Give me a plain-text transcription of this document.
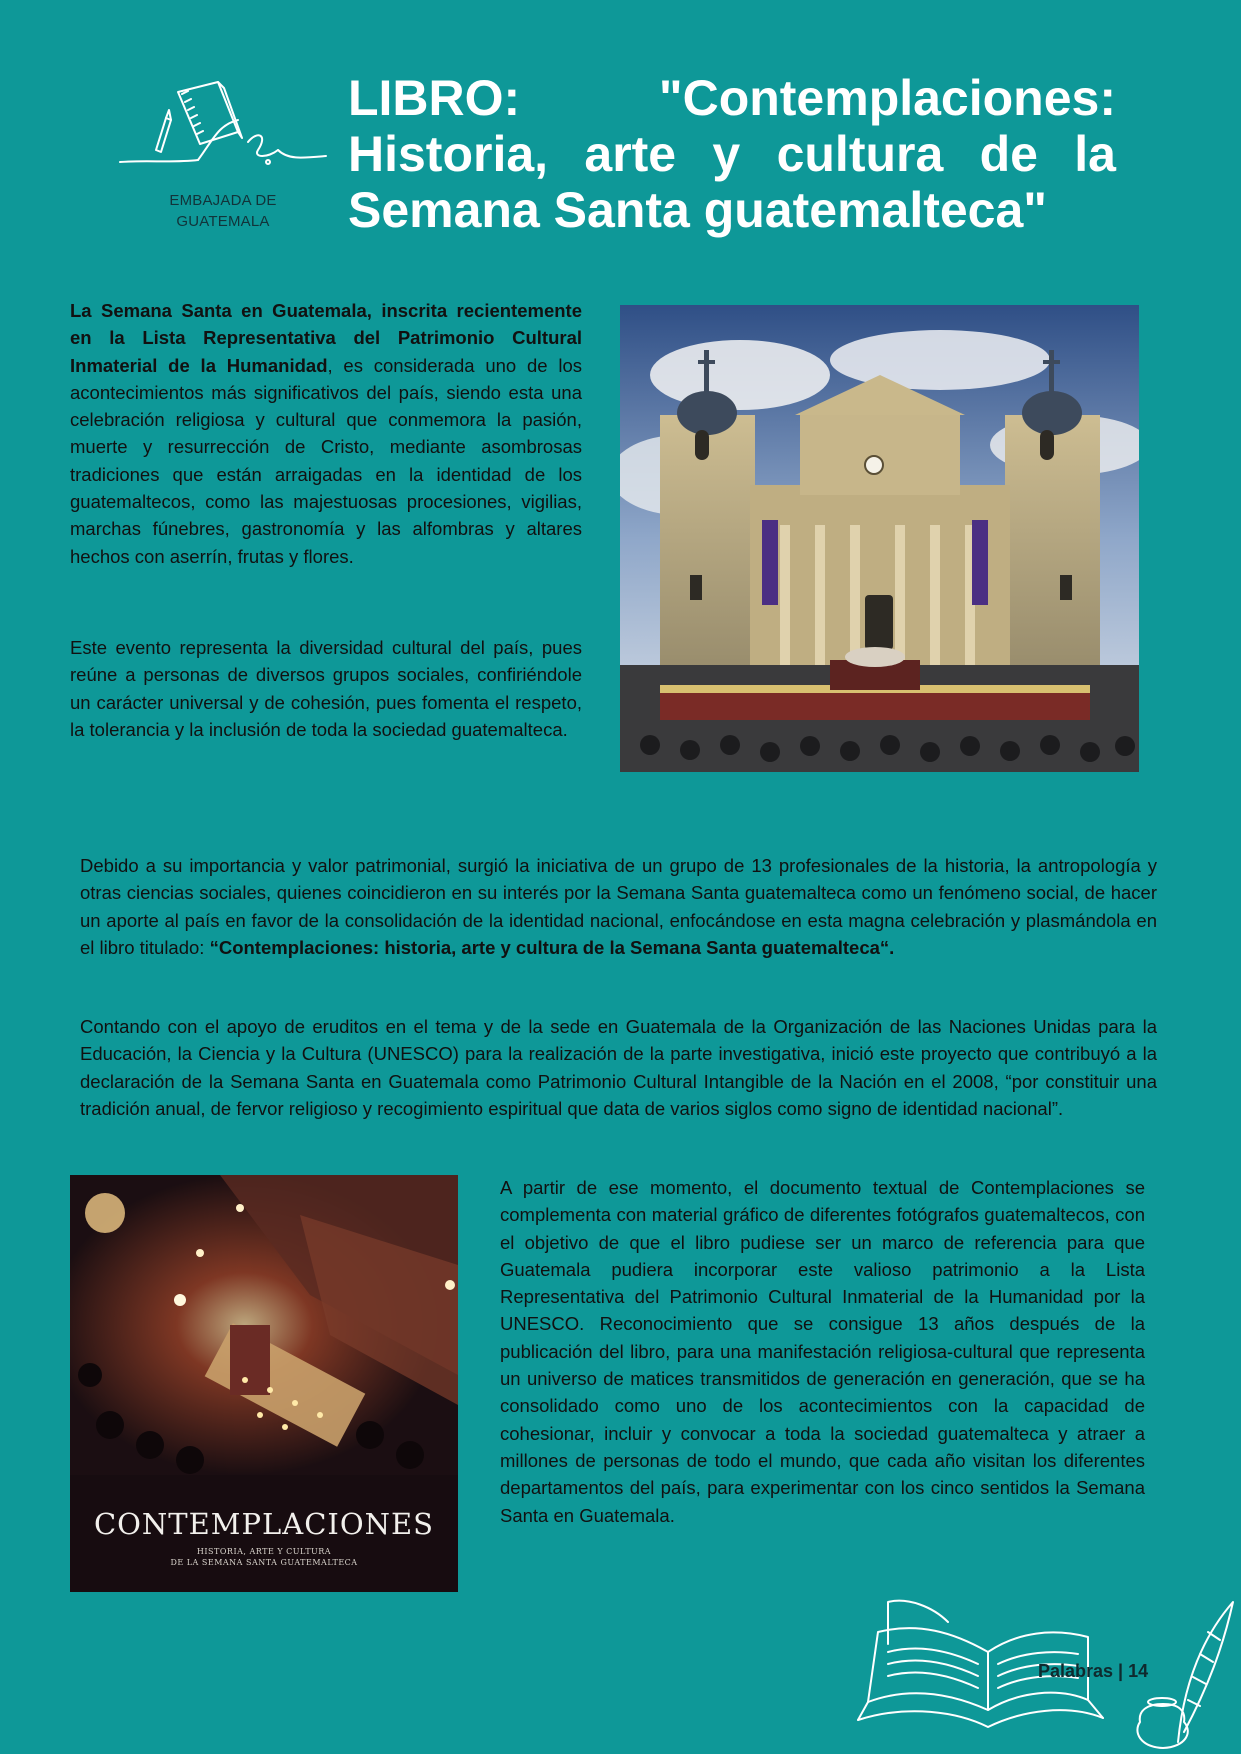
EMBAJADA DE
GUATEMALA
LIBRO: "Contemplaciones: Historia, arte y cultura de la Semana Santa guatemalteca"
La Semana Santa en Guatemala, inscrita recientemente en la Lista Representativa del Patrimonio Cultural Inmaterial de la Humanidad, es considerada uno de los acontecimientos más significativos del país, siendo esta una celebración religiosa y cultural que conmemora la pasión, muerte y resurrección de Cristo, mediante asombrosas tradiciones que están arraigadas en la identidad de los guatemaltecos, como las majestuosas procesiones, vigilias, marchas fúnebres, gastronomía y las alfombras y altares hechos con aserrín, frutas y flores.
Este evento representa la diversidad cultural del país, pues reúne a personas de diversos grupos sociales, confiriéndole un carácter universal y de cohesión, pues fomenta el respeto, la tolerancia y la inclusión de toda la sociedad guatemalteca.
Debido a su importancia y valor patrimonial, surgió la iniciativa de un grupo de 13 profesionales de la historia, la antropología y otras ciencias sociales, quienes coincidieron en su interés por la Semana Santa guatemalteca como un fenómeno social, de hacer un aporte al país en favor de la consolidación de la identidad nacional, enfocándose en esta magna celebración y plasmándola en el libro titulado: “Contemplaciones: historia, arte y cultura de la Semana Santa guatemalteca“.
Contando con el apoyo de eruditos en el tema y de la sede en Guatemala de la Organización de las Naciones Unidas para la Educación, la Ciencia y la Cultura (UNESCO) para la realización de la parte investigativa, inició este proyecto que contribuyó a la declaración de la Semana Santa en Guatemala como Patrimonio Cultural Intangible de la Nación en el 2008, “por constituir una tradición anual, de fervor religioso y recogimiento espiritual que data de varios siglos como signo de identidad nacional”.
CONTEMPLACIONES
HISTORIA, ARTE Y CULTURA
DE LA SEMANA SANTA GUATEMALTECA
A partir de ese momento, el documento textual de Contemplaciones se complementa con material gráfico de diferentes fotógrafos guatemaltecos, con el objetivo de que el libro pudiese ser un marco de referencia para que Guatemala pudiera incorporar este valioso patrimonio a la Lista Representativa del Patrimonio Cultural Inmaterial de la Humanidad por la UNESCO. Reconocimiento que se consigue 13 años después de la publicación del libro, para una manifestación religiosa-cultural que representa un universo de matices transmitidos de generación en generación, que se ha consolidado como uno de los acontecimientos con la capacidad de cohesionar, incluir y convocar a toda la sociedad guatemalteca y atraer a millones de personas de todo el mundo, que cada año visitan los diferentes departamentos del país, para experimentar con los cinco sentidos la Semana Santa en Guatemala.
Palabras | 14
